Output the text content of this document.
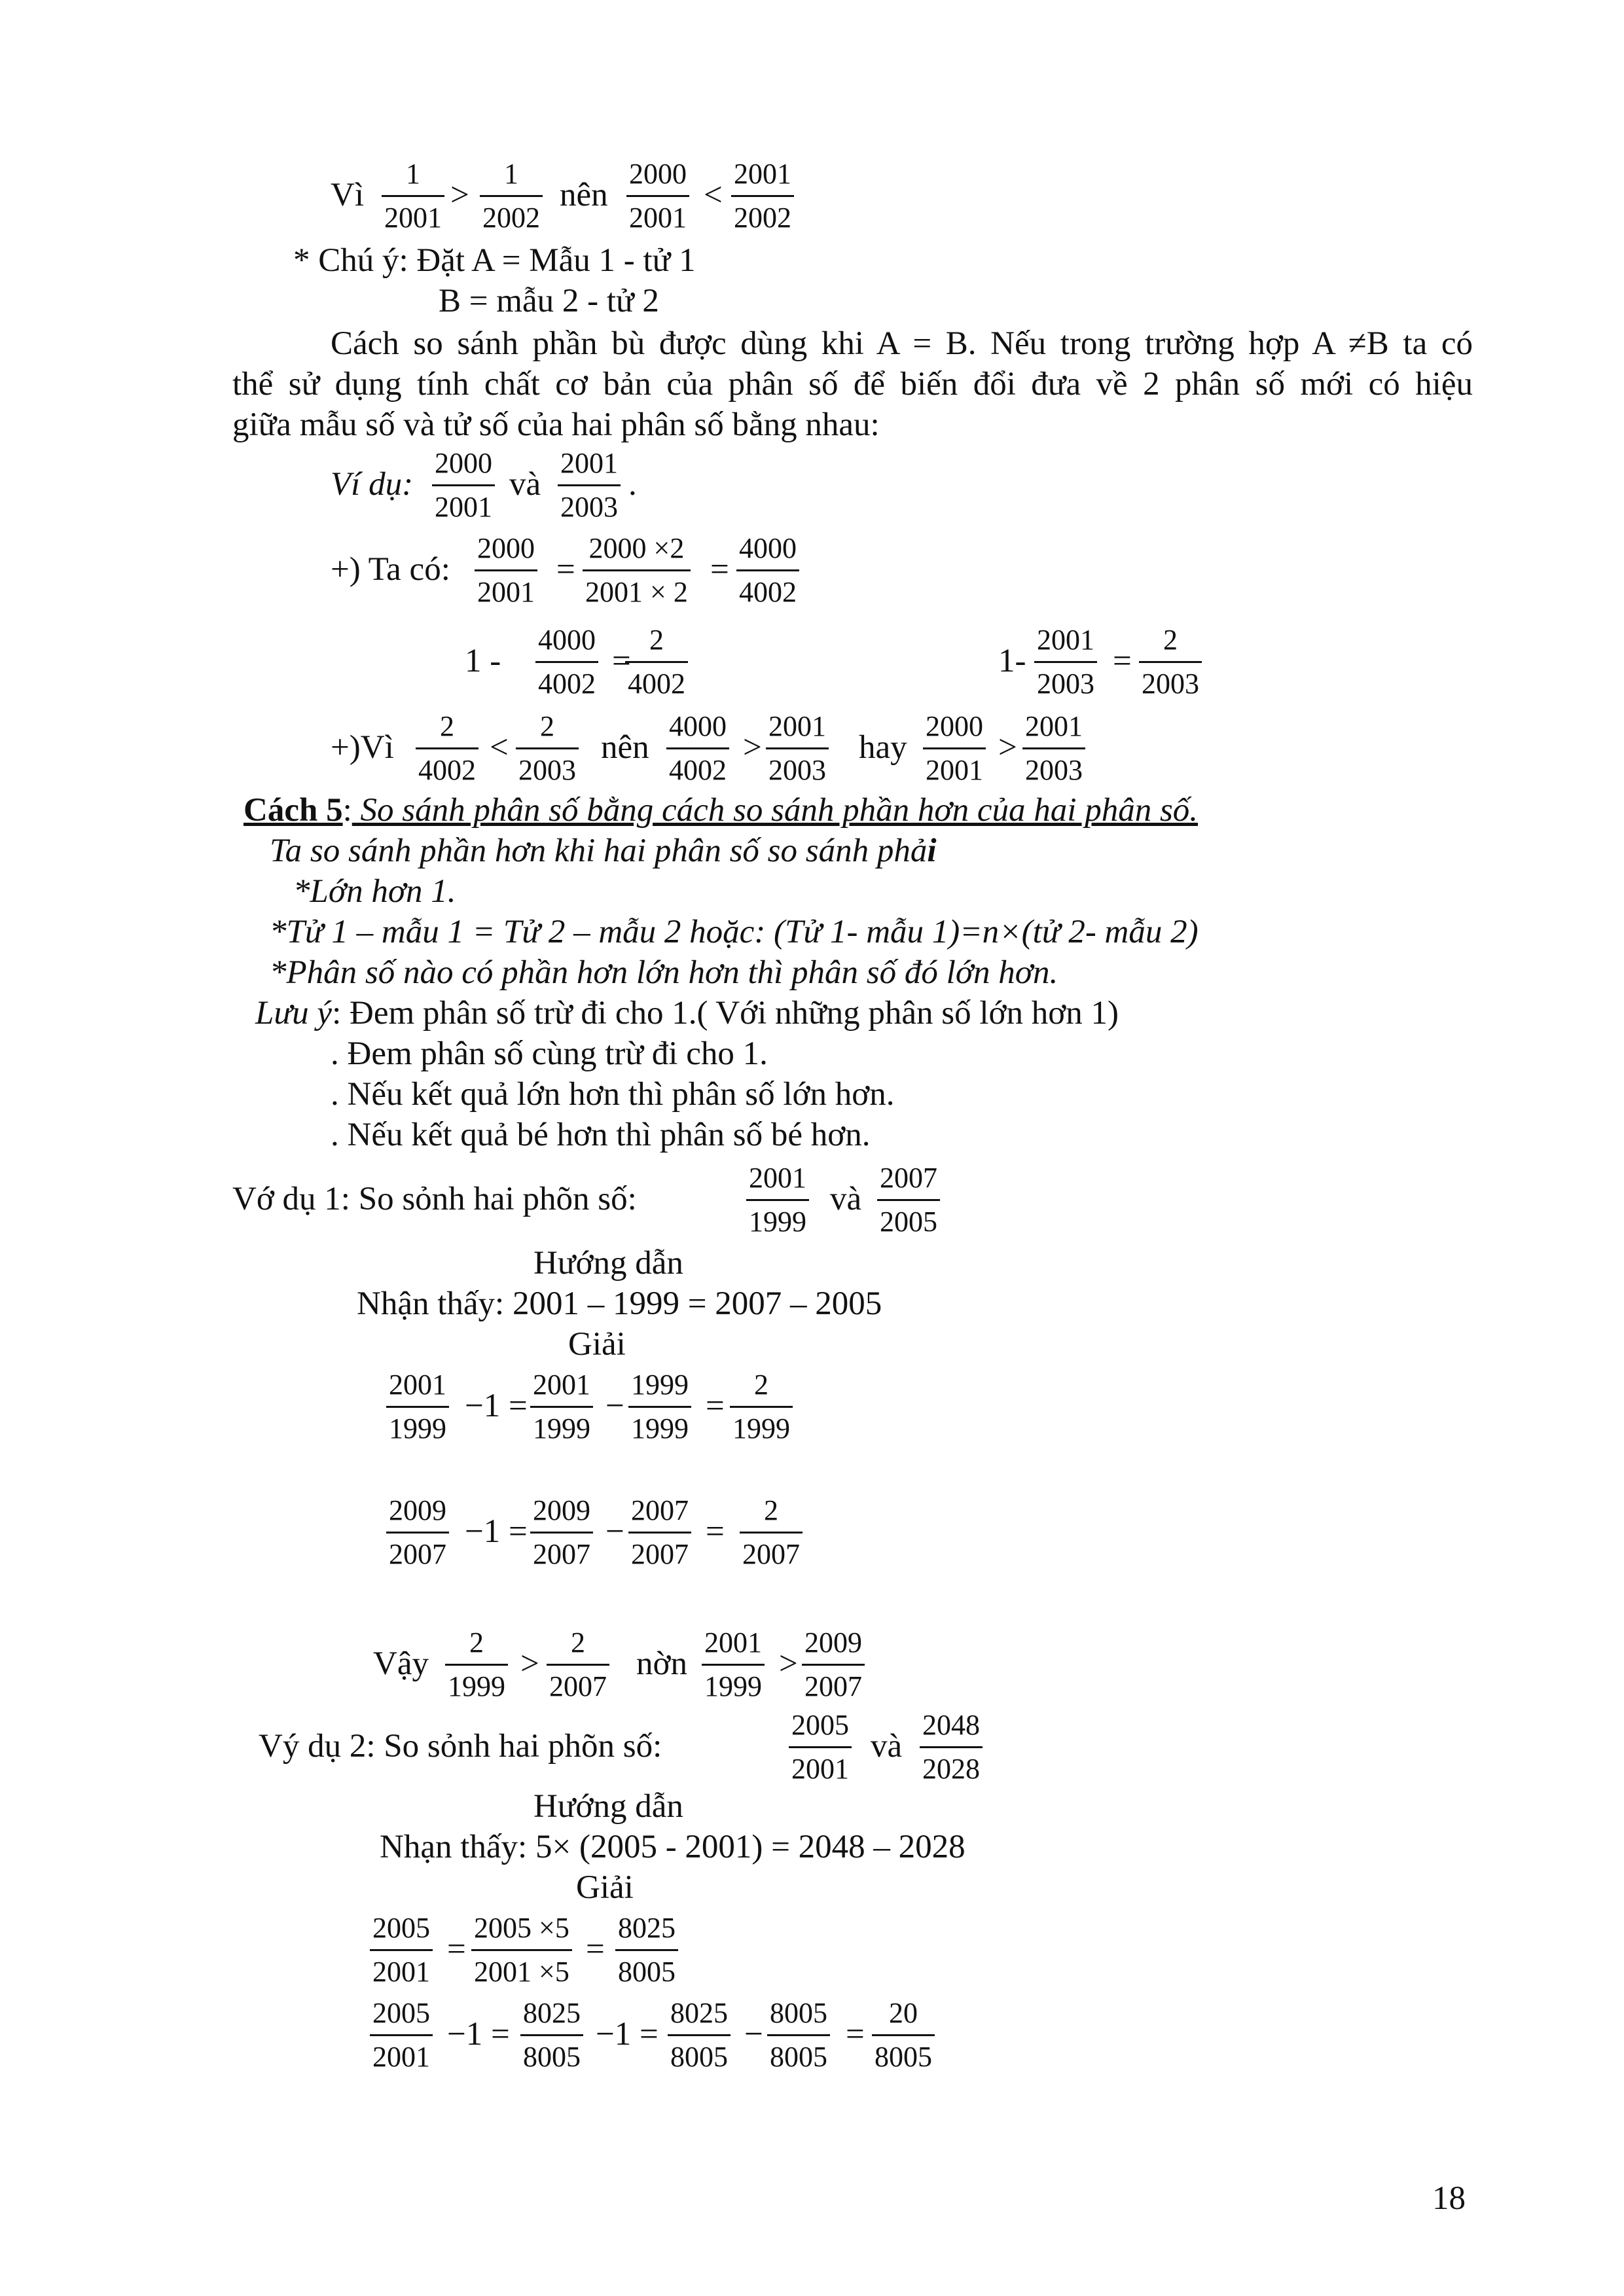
Vì
1
2001
>
1
2002
nên
2000
2001
<
2001
2002
* Chú ý: Đặt A = Mẫu 1 - tử 1
B = mẫu 2 - tử 2
Cách so sánh phần bù được dùng khi A = B. Nếu trong trường hợp A ≠B ta có
thể sử dụng tính chất cơ bản của phân số để biến đổi đưa về 2 phân số mới có hiệu
giữa mẫu số và tử số của hai phân số bằng nhau:
Ví dụ:
2000
2001
và
2001
2003
.
+) Ta có:
2000
2001
=
2000 ×2
2001 × 2
=
4000
4002
1 -
4000
4002
=
2
4002
1-
2001
2003
=
2
2003
+)Vì
2
4002
<
2
2003
nên
4000
4002
>
2001
2003
hay
2000
2001
>
2001
2003
Cách 5: So sánh phân số bằng cách so sánh phần hơn của hai phân số.
Ta so sánh phần hơn khi hai phân số so sánh phải
*Lớn hơn 1.
*Tử 1 – mẫu 1 = Tử 2 – mẫu 2 hoặc: (Tử 1- mẫu 1)=n×(tử 2- mẫu 2)
*Phân số nào có phần hơn lớn hơn thì phân số đó lớn hơn.
Lưu ý: Đem phân số trừ đi cho 1.( Với những phân số lớn hơn 1)
. Đem phân số cùng trừ đi cho 1.
. Nếu kết quả lớn hơn thì phân số lớn hơn.
. Nếu kết quả bé hơn thì phân số bé hơn.
Vớ dụ 1: So sỏnh hai phõn số:
2001
1999
và
2007
2005
Hướng dẫn
Nhận thấy: 2001 – 1999 = 2007 – 2005
Giải
2001
1999
−1 =
2001
1999
−
1999
1999
=
2
1999
2009
2007
−1 =
2009
2007
−
2007
2007
=
2
2007
Vậy
2
1999
>
2
2007
nờn
2001
1999
>
2009
2007
Vý dụ 2: So sỏnh hai phõn số:
2005
2001
và
2048
2028
Hướng dẫn
Nhạn thấy: 5× (2005 - 2001) = 2048 – 2028
Giải
2005
2001
=
2005 ×5
2001 ×5
=
8025
8005
2005
2001
−1 =
8025
8005
−1 =
8025
8005
−
8005
8005
=
20
8005
18
